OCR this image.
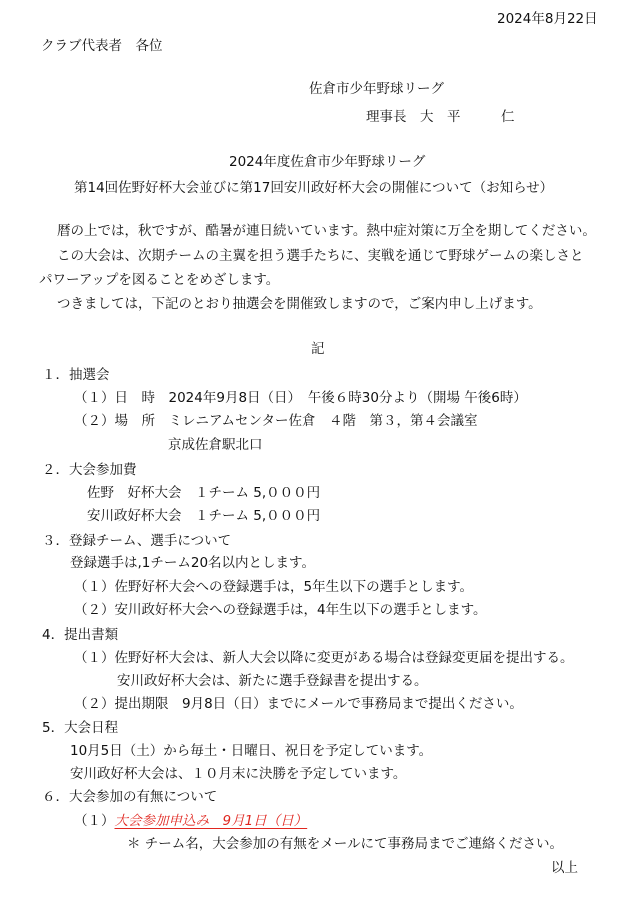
2024年8月22日
クラブ代表者　各位
佐倉市少年野球リーグ
理事長　大　平　　　仁
2024年度佐倉市少年野球リーグ
第14回佐野好杯大会並びに第17回安川政好杯大会の開催について（お知らせ）
暦の上では，秋ですが、酷暑が連日続いています。熱中症対策に万全を期してください。
この大会は、次期チームの主翼を担う選手たちに、実戦を通じて野球ゲームの楽しさと
パワーアップを図ることをめざします。
つきましては，下記のとおり抽選会を開催致しますので，ご案内申し上げます。
記
１．抽選会
（１）日　時　2024年9月8日（日）　午後６時30分より（開場 午後6時）
（２）場　所　ミレニアムセンター佐倉　４階　第３，第４会議室
京成佐倉駅北口
２．大会参加費
佐野　好杯大会　１チーム 5,０００円
安川政好杯大会　１チーム 5,０００円
３．登録チーム、選手について
登録選手は,1チーム20名以内とします。
（１）佐野好杯大会への登録選手は，5年生以下の選手とします。
（２）安川政好杯大会への登録選手は，4年生以下の選手とします。
4．提出書類
（１）佐野好杯大会は、新人大会以降に変更がある場合は登録変更届を提出する。
安川政好杯大会は、新たに選手登録書を提出する。
（２）提出期限　9月8日（日）までにメールで事務局まで提出ください。
5．大会日程
10月5日（土）から毎土・日曜日、祝日を予定しています。
安川政好杯大会は、１０月末に決勝を予定しています。
６．大会参加の有無について
（１）大会参加申込み　9月1日（日）
＊ チーム名，大会参加の有無をメールにて事務局までご連絡ください。
以上
